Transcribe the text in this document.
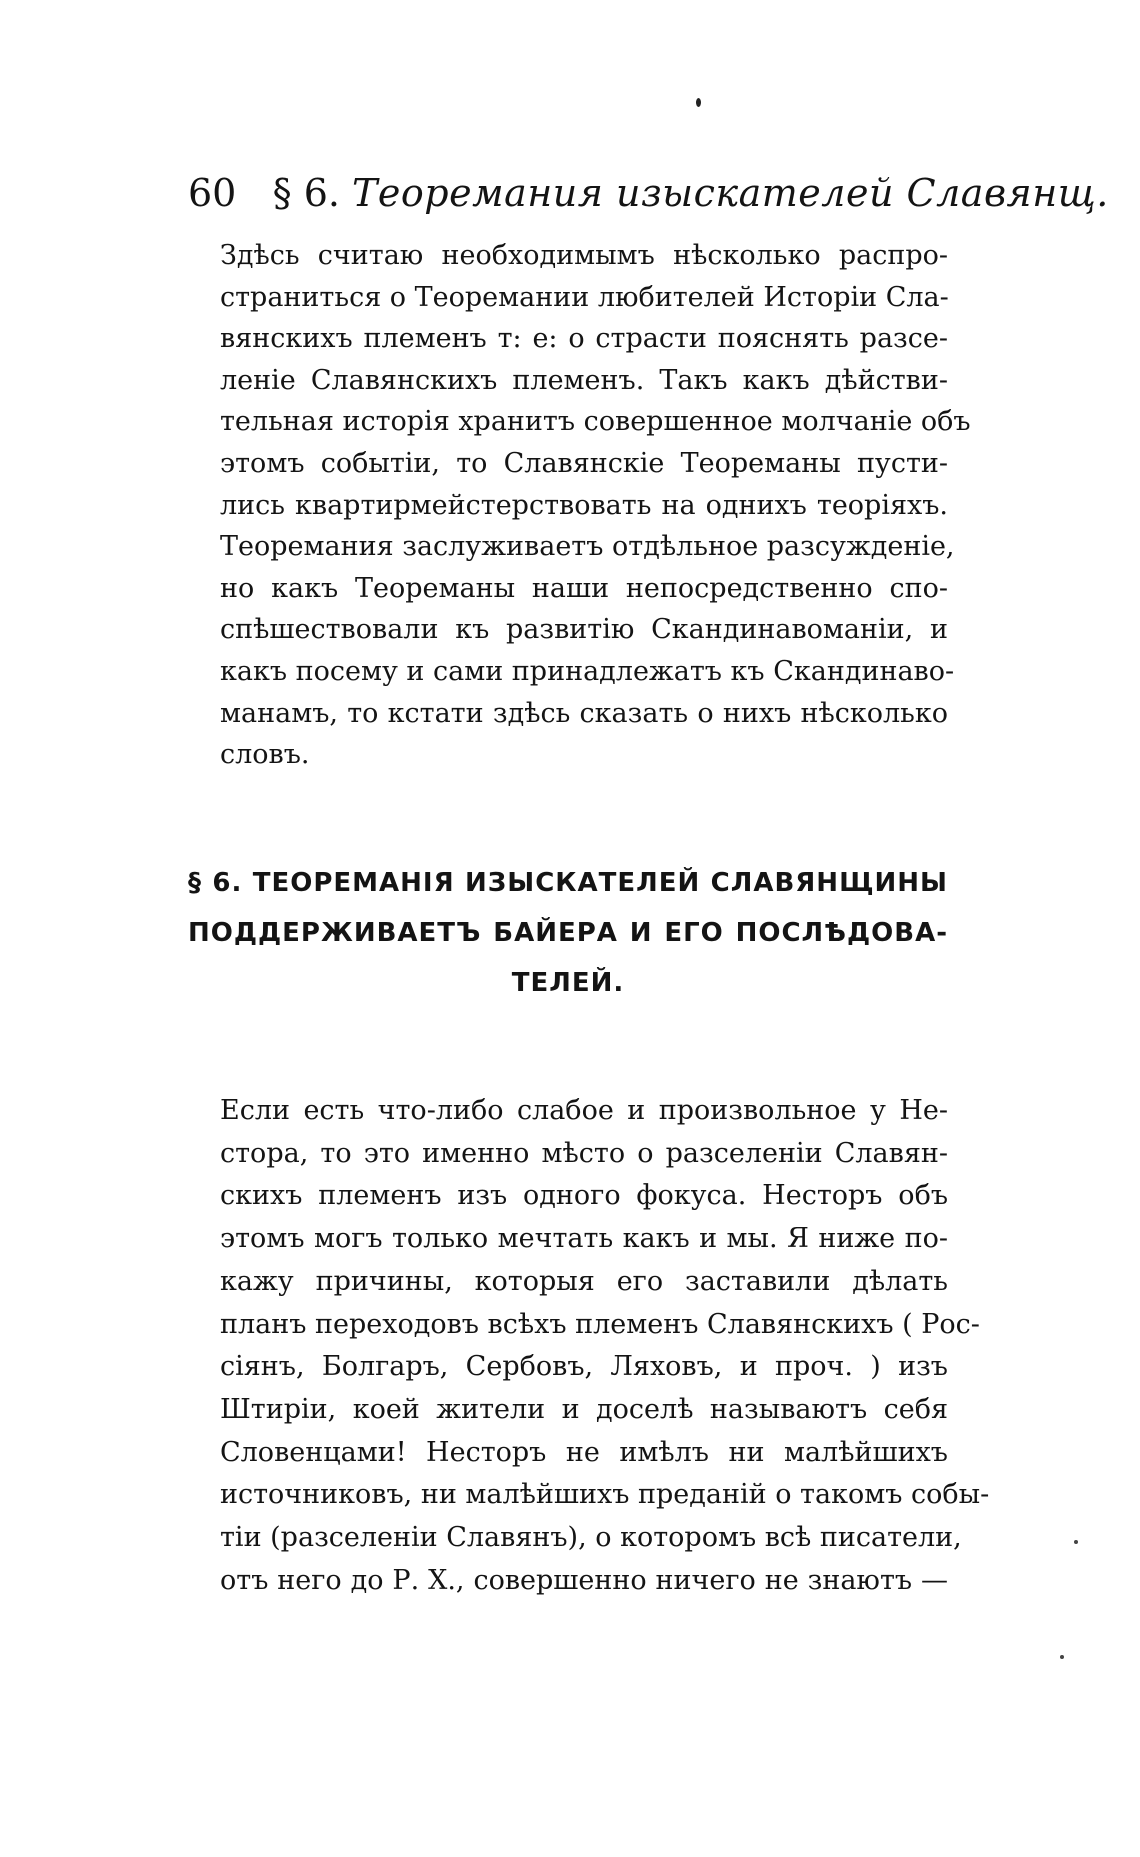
60 § 6. Теоремания изыскателей Славянщ.
Здѣсь считаю необходимымъ нѣсколько распро-
страниться о Теоремании любителей Исторіи Сла-
вянскихъ племенъ т: е: о страсти пояснять разсе-
леніе Славянскихъ племенъ. Такъ какъ дѣйстви-
тельная исторія хранитъ совершенное молчаніе объ
этомъ событіи, то Славянскіе Теореманы пусти-
лись квартирмейстерствовать на однихъ теоріяхъ.
Теоремания заслуживаетъ отдѣльное разсужденіе,
но какъ Теореманы наши непосредственно спо-
спѣшествовали къ развитію Скандинавоманіи, и
какъ посему и сами принадлежатъ къ Скандинаво-
манамъ, то кстати здѣсь сказать о нихъ нѣсколько
словъ.
§ 6. ТЕОРЕМАНІЯ ИЗЫСКАТЕЛЕЙ СЛАВЯНЩИНЫ
ПОДДЕРЖИВАЕТЪ БАЙЕРА И ЕГО ПОСЛѢДОВА-
ТЕЛЕЙ.
Если есть что-либо слабое и произвольное у Не-
стора, то это именно мѣсто о разселеніи Славян-
скихъ племенъ изъ одного фокуса. Несторъ объ
этомъ могъ только мечтать какъ и мы. Я ниже по-
кажу причины, которыя его заставили дѣлать
планъ переходовъ всѣхъ племенъ Славянскихъ ( Рос-
сіянъ, Болгаръ, Сербовъ, Ляховъ, и проч. ) изъ
Штиріи, коей жители и доселѣ называютъ себя
Словенцами! Несторъ не имѣлъ ни малѣйшихъ
источниковъ, ни малѣйшихъ преданій о такомъ собы-
тіи (разселеніи Славянъ), о которомъ всѣ писатели,
отъ него до Р. Х., совершенно ничего не знаютъ —
